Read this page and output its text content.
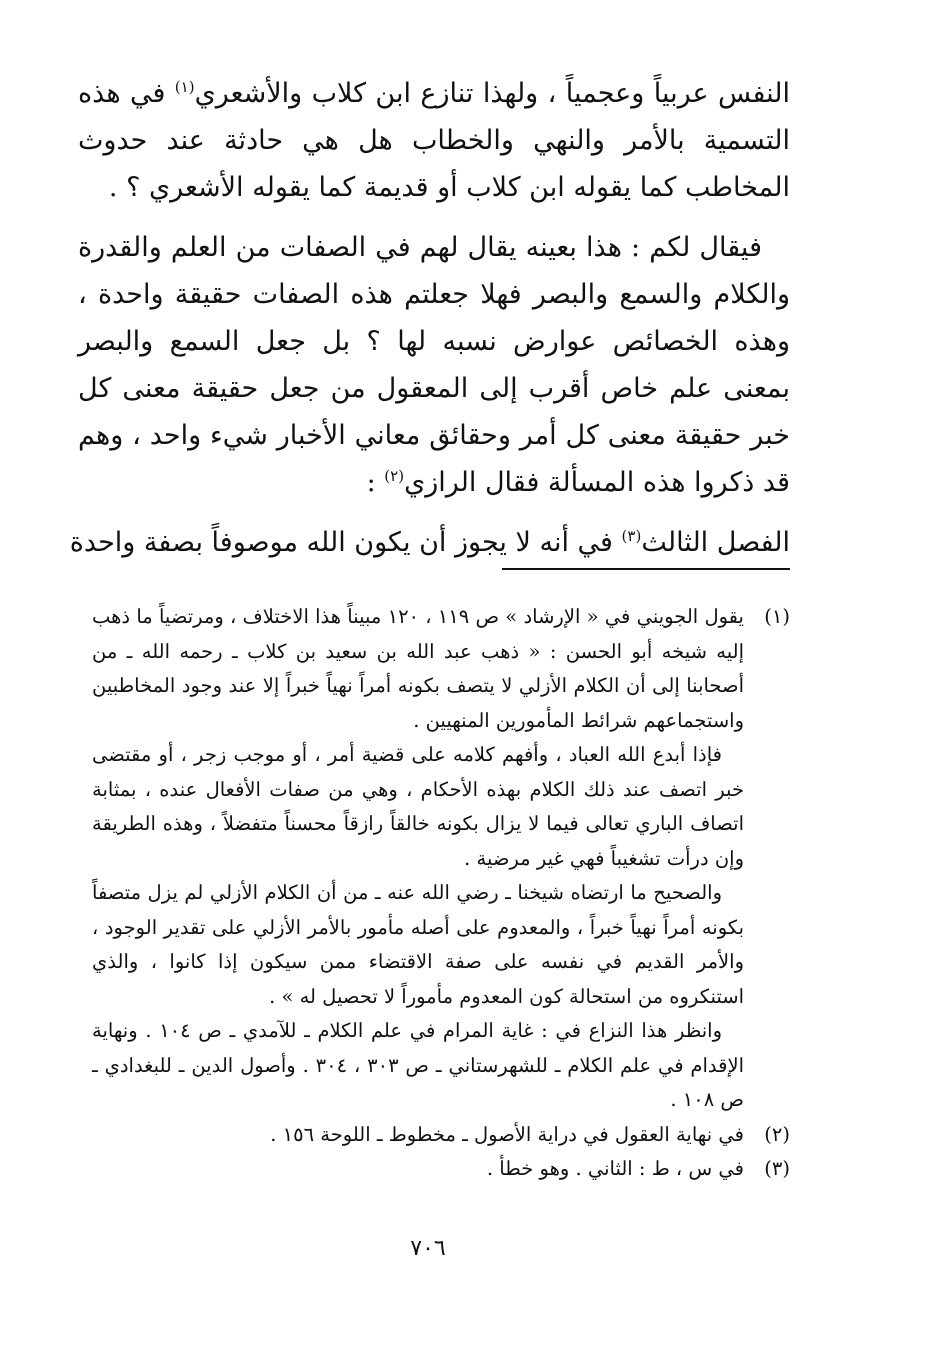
النفس عربياً وعجمياً ، ولهذا تنازع ابن كلاب والأشعري$^{(١)}$ في هذه التسمية بالأمر والنهي والخطاب هل هي حادثة عند حدوث المخاطب كما يقوله ابن كلاب أو قديمة كما يقوله الأشعري ؟ .

فيقال لكم : هذا بعينه يقال لهم في الصفات من العلم والقدرة والكلام والسمع والبصر فهلا جعلتم هذه الصفات حقيقة واحدة ، وهذه الخصائص عوارض نسبه لها ؟ بل جعل السمع والبصر بمعنى علم خاص أقرب إلى المعقول من جعل حقيقة معنى كل خبر حقيقة معنى كل أمر وحقائق معاني الأخبار شيء واحد ، وهم قد ذكروا هذه المسألة فقال الرازي$^{(٢)}$ :

الفصل الثالث$^{(٣)}$ في أنه لا يجوز أن يكون الله موصوفاً بصفة واحدة

(١)

يقول الجويني في « الإرشاد » ص ١١٩ ، ١٢٠ مبيناً هذا الاختلاف ، ومرتضياً ما ذهب إليه شيخه أبو الحسن : « ذهب عبد الله بن سعيد بن كلاب ـ رحمه الله ـ من أصحابنا إلى أن الكلام الأزلي لا يتصف بكونه أمراً نهياً خبراً إلا عند وجود المخاطبين واستجماعهم شرائط المأمورين المنهيين .

فإذا أبدع الله العباد ، وأفهم كلامه على قضية أمر ، أو موجب زجر ، أو مقتضى خبر اتصف عند ذلك الكلام بهذه الأحكام ، وهي من صفات الأفعال عنده ، بمثابة اتصاف الباري تعالى فيما لا يزال بكونه خالقاً رازقاً محسناً متفضلاً ، وهذه الطريقة وإن درأت تشغيباً فهي غير مرضية .

والصحيح ما ارتضاه شيخنا ـ رضي الله عنه ـ من أن الكلام الأزلي لم يزل متصفاً بكونه أمراً نهياً خبراً ، والمعدوم على أصله مأمور بالأمر الأزلي على تقدير الوجود ، والأمر القديم في نفسه على صفة الاقتضاء ممن سيكون إذا كانوا ، والذي استنكروه من استحالة كون المعدوم مأموراً لا تحصيل له » .

وانظر هذا النزاع في : غاية المرام في علم الكلام ـ للآمدي ـ ص ١٠٤ . ونهاية الإقدام في علم الكلام ـ للشهرستاني ـ ص ٣٠٣ ، ٣٠٤ . وأصول الدين ـ للبغدادي ـ ص ١٠٨ .

(٢)

في نهاية العقول في دراية الأصول ـ مخطوط ـ اللوحة ١٥٦ .

(٣)

في س ، ط : الثاني . وهو خطأ .

٧٠٦
